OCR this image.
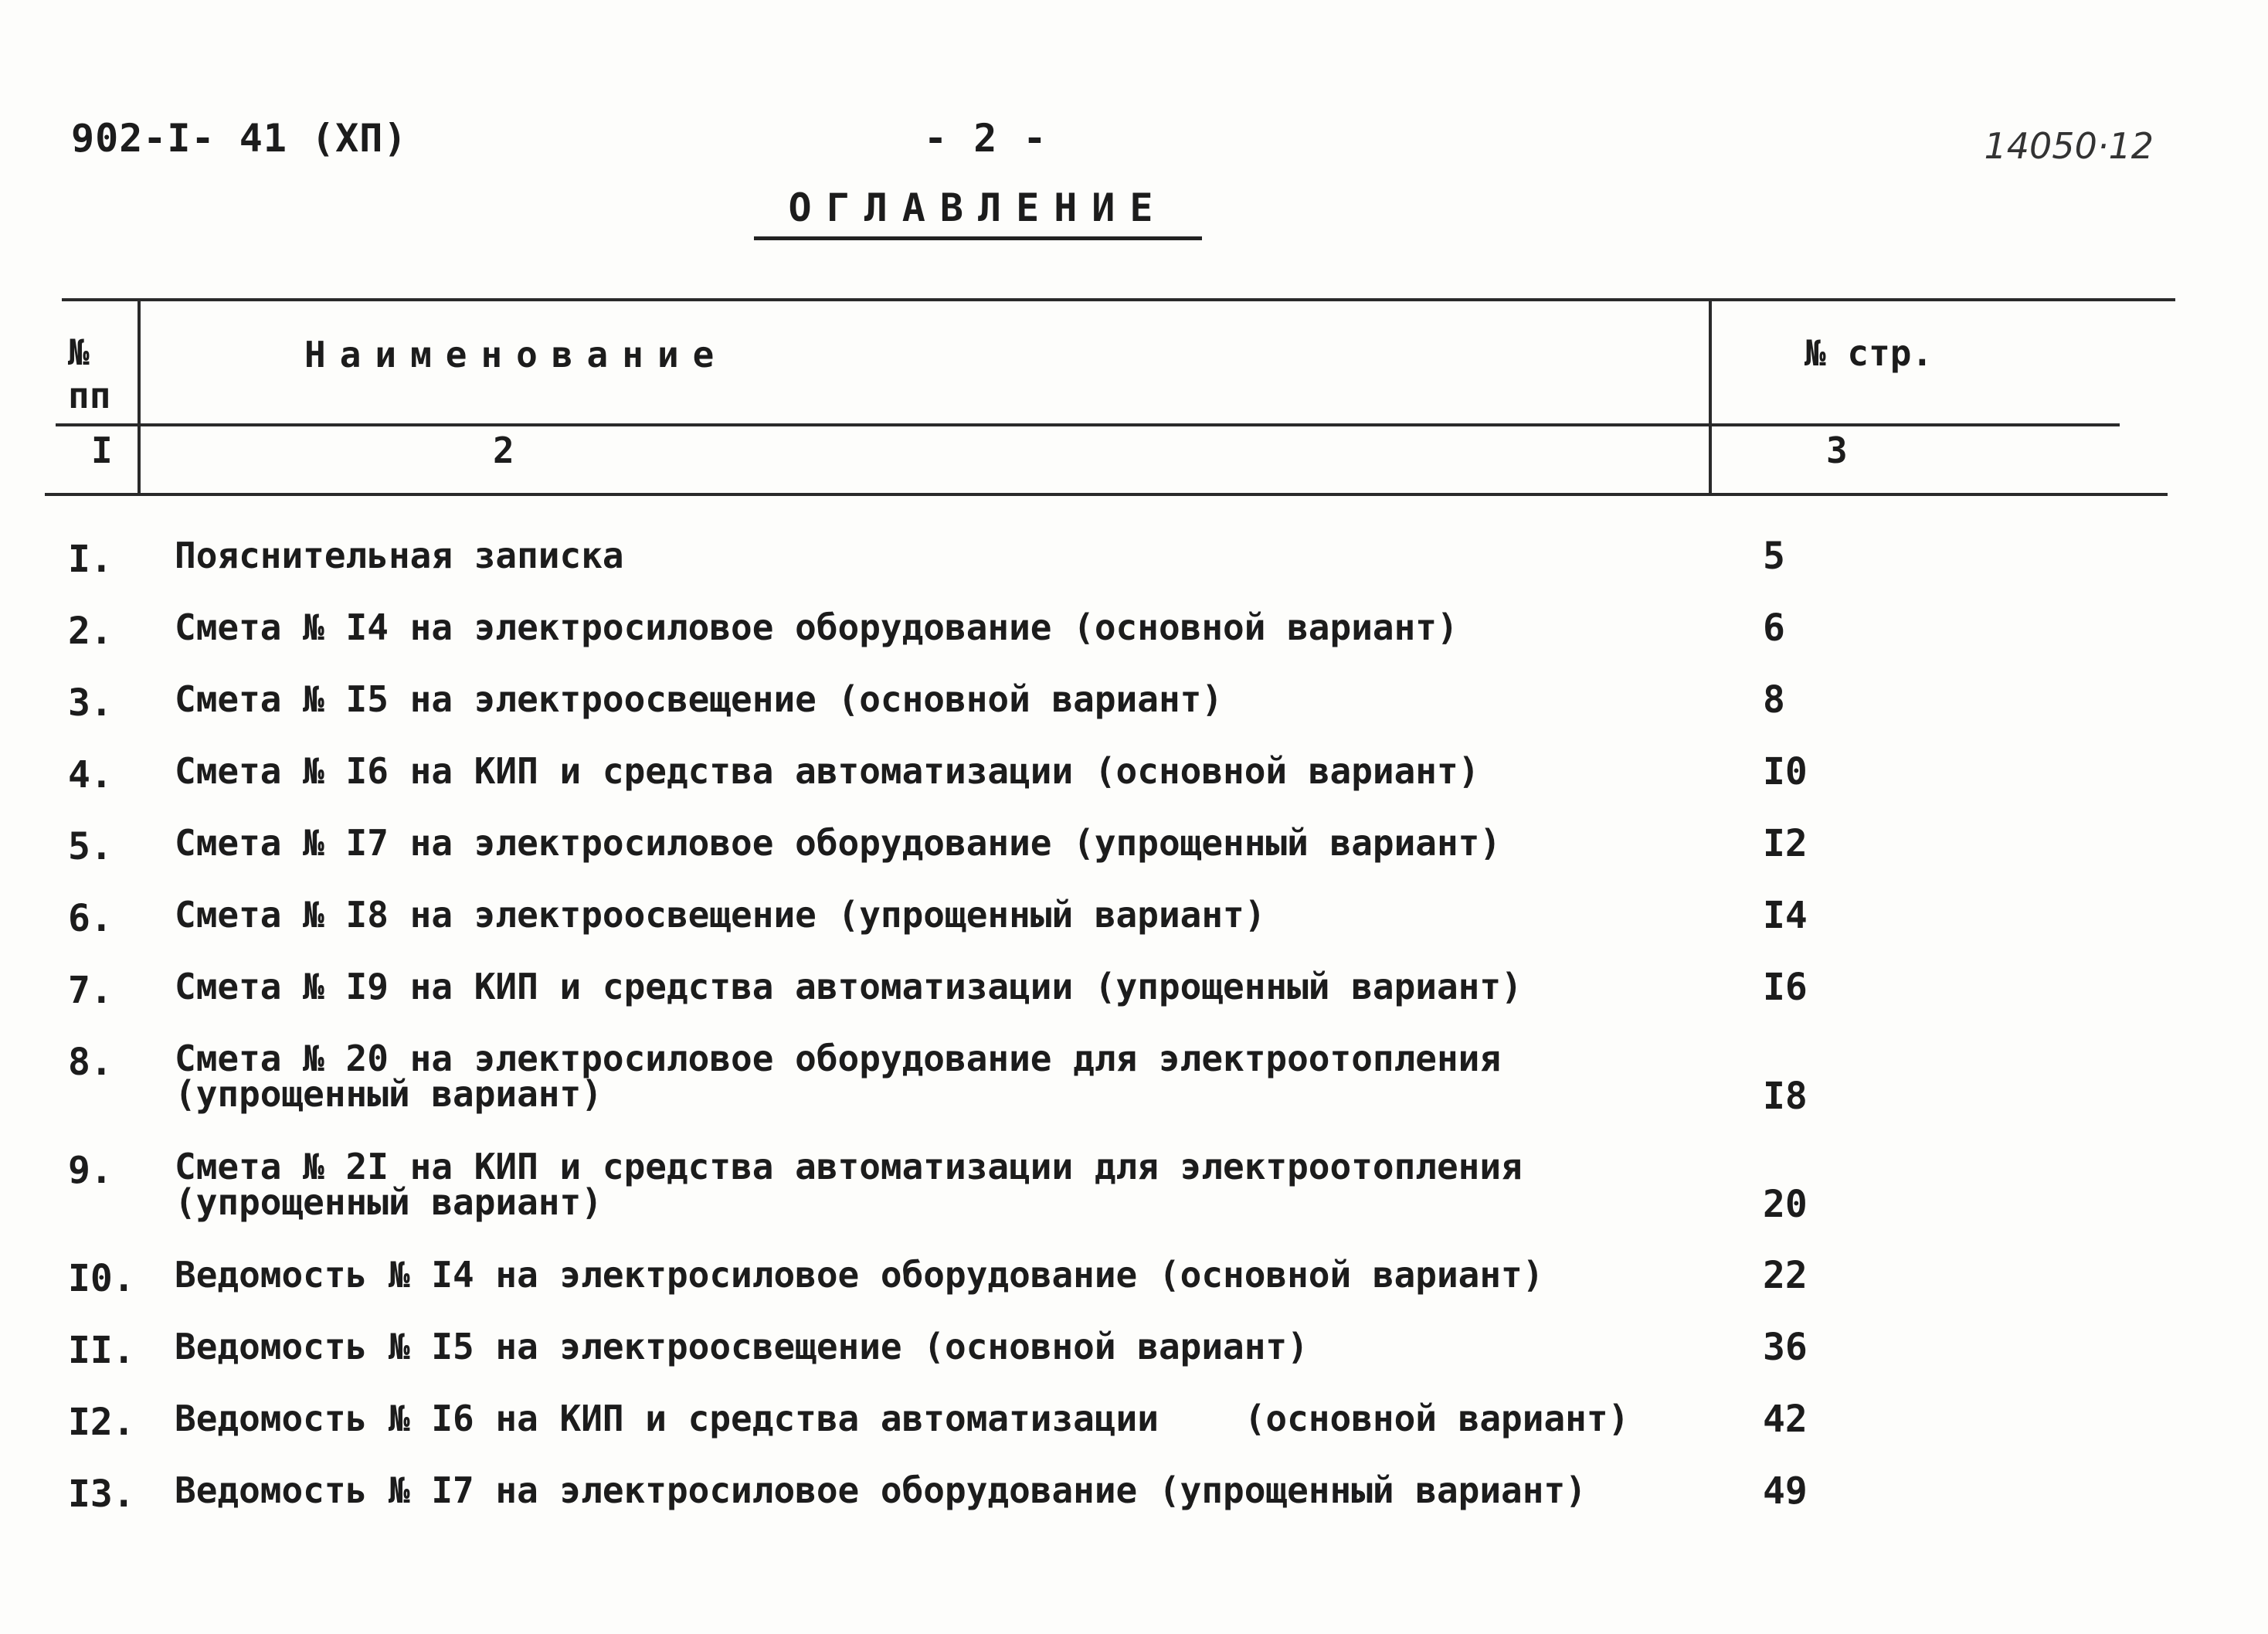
902-I- 41 (ХП)	- 2 -	14050·12
ОГЛАВЛЕНИЕ
№
пп
Наименование	№ стр.
I	2	3
I. Пояснительная записка	5
2. Смета № I4 на электросиловое оборудование (основной вариант)	6
3. Смета № I5 на электроосвещение (основной вариант)	8
4. Смета № I6 на КИП и средства автоматизации (основной вариант)	I0
5. Смета № I7 на электросиловое оборудование (упрощенный вариант)	I2
6. Смета № I8 на электроосвещение (упрощенный вариант)	I4
7. Смета № I9 на КИП и средства автоматизации (упрощенный вариант)	I6
8. Смета № 20 на электросиловое оборудование для электроотопления
(упрощенный вариант)	I8
9. Смета № 2I на КИП и средства автоматизации для электроотопления
(упрощенный вариант)	20
I0. Ведомость № I4 на электросиловое оборудование (основной вариант)	22
II. Ведомость № I5 на электроосвещение (основной вариант)	36
I2. Ведомость № I6 на КИП и средства автоматизации    (основной вариант)	42
I3. Ведомость № I7 на электросиловое оборудование (упрощенный вариант)	49
